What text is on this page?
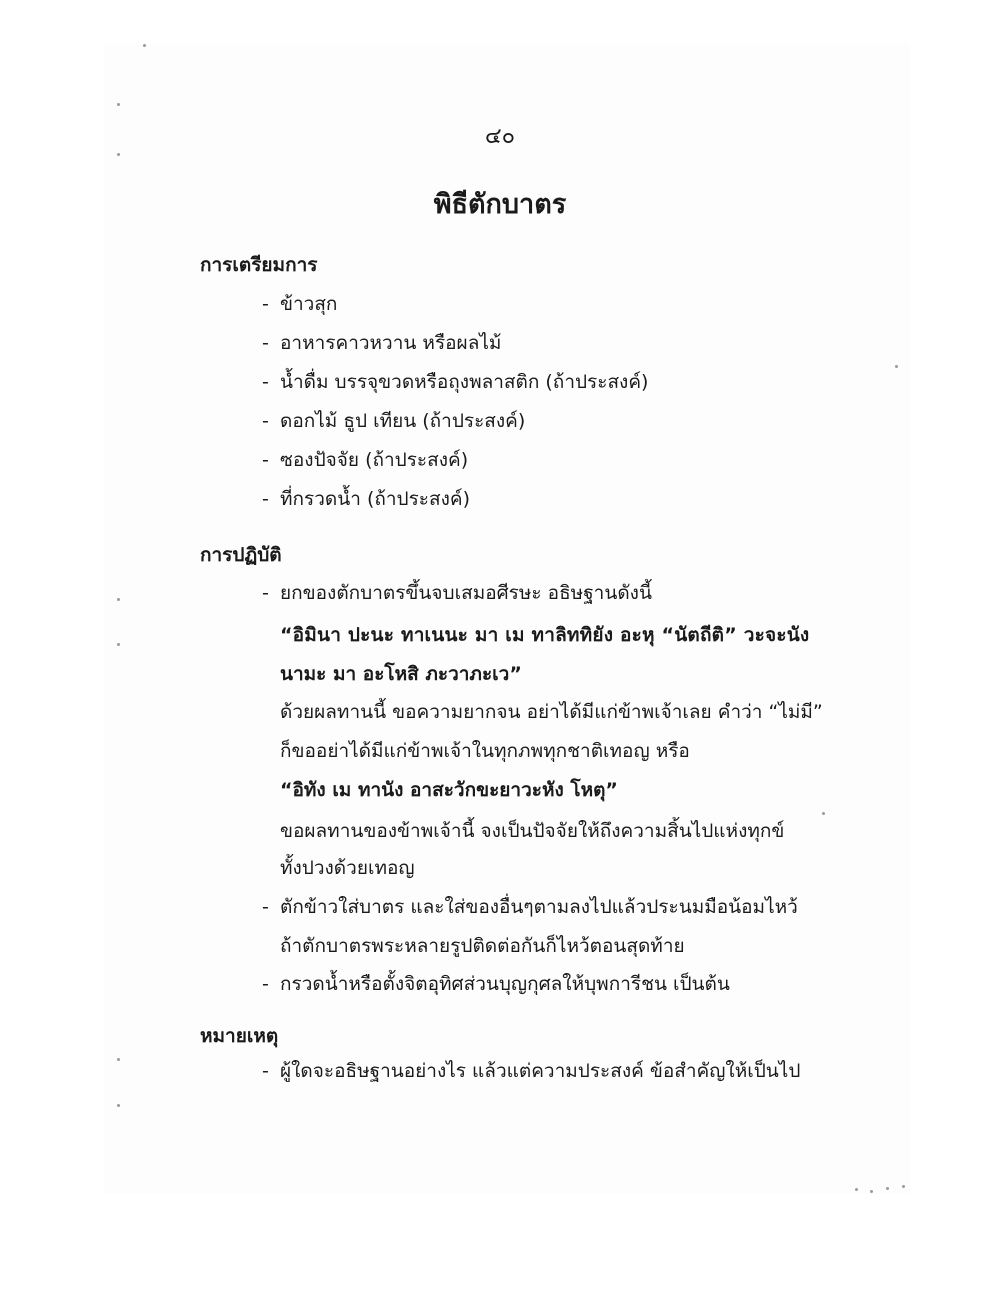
๔๐
พิธีตักบาตร
การเตรียมการ
- ข้าวสุก
- อาหารคาวหวาน หรือผลไม้
- น้ำดื่ม บรรจุขวดหรือถุงพลาสติก (ถ้าประสงค์)
- ดอกไม้ ธูป เทียน (ถ้าประสงค์)
- ซองปัจจัย (ถ้าประสงค์)
- ที่กรวดน้ำ (ถ้าประสงค์)
การปฏิบัติ
- ยกของตักบาตรขึ้นจบเสมอศีรษะ อธิษฐานดังนี้
“อิมินา ปะนะ ทาเนนะ มา เม ทาลิททิยัง อะหุ “นัตถีติ” วะจะนัง
นามะ มา อะโหสิ ภะวาภะเว”
ด้วยผลทานนี้ ขอความยากจน อย่าได้มีแก่ข้าพเจ้าเลย คำว่า “ไม่มี”
ก็ขออย่าได้มีแก่ข้าพเจ้าในทุกภพทุกชาติเทอญ หรือ
“อิทัง เม ทานัง อาสะวักขะยาวะหัง โหตุ”
ขอผลทานของข้าพเจ้านี้ จงเป็นปัจจัยให้ถึงความสิ้นไปแห่งทุกข์
ทั้งปวงด้วยเทอญ
- ตักข้าวใส่บาตร และใส่ของอื่นๆตามลงไปแล้วประนมมือน้อมไหว้
ถ้าตักบาตรพระหลายรูปติดต่อกันก็ไหว้ตอนสุดท้าย
- กรวดน้ำหรือตั้งจิตอุทิศส่วนบุญกุศลให้บุพการีชน เป็นต้น
หมายเหตุ
- ผู้ใดจะอธิษฐานอย่างไร แล้วแต่ความประสงค์ ข้อสำคัญให้เป็นไป
